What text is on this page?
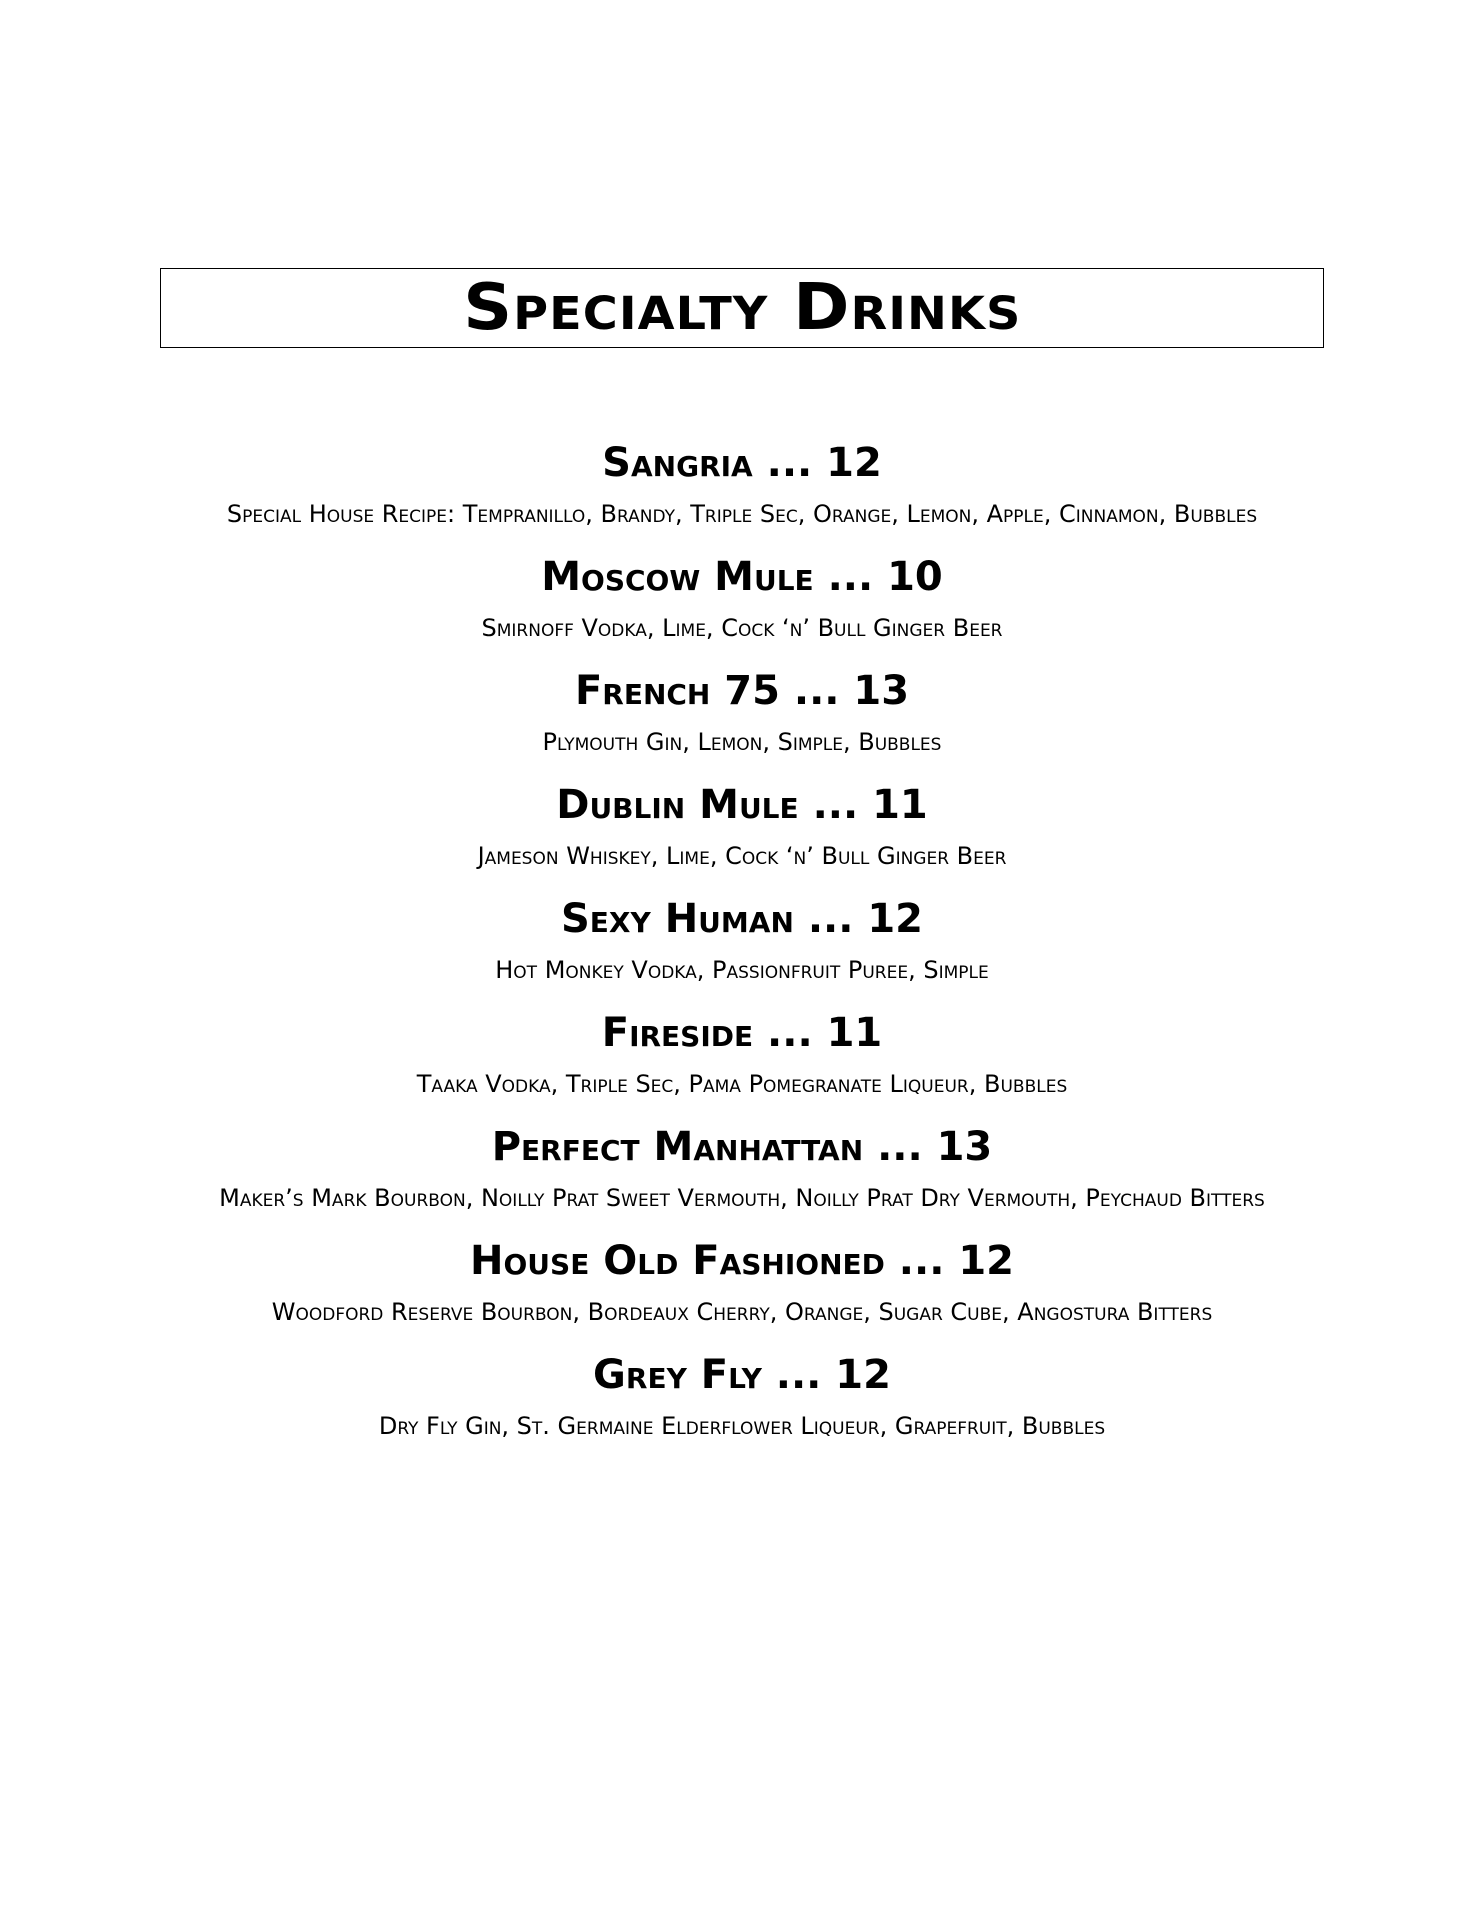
Specialty Drinks
Sangria ... 12
Special House Recipe: Tempranillo, Brandy, Triple Sec, Orange, Lemon, Apple, Cinnamon, Bubbles
Moscow Mule ... 10
Smirnoff Vodka, Lime, Cock ‘n’ Bull Ginger Beer
French 75 ... 13
Plymouth Gin, Lemon, Simple, Bubbles
Dublin Mule ... 11
Jameson Whiskey, Lime, Cock ‘n’ Bull Ginger Beer
Sexy Human ... 12
Hot Monkey Vodka, Passionfruit Puree, Simple
Fireside ... 11
Taaka Vodka, Triple Sec, Pama Pomegranate Liqueur, Bubbles
Perfect Manhattan ... 13
Maker’s Mark Bourbon, Noilly Prat Sweet Vermouth, Noilly Prat Dry Vermouth, Peychaud Bitters
House Old Fashioned ... 12
Woodford Reserve Bourbon, Bordeaux Cherry, Orange, Sugar Cube, Angostura Bitters
Grey Fly ... 12
Dry Fly Gin, St. Germaine Elderflower Liqueur, Grapefruit, Bubbles
